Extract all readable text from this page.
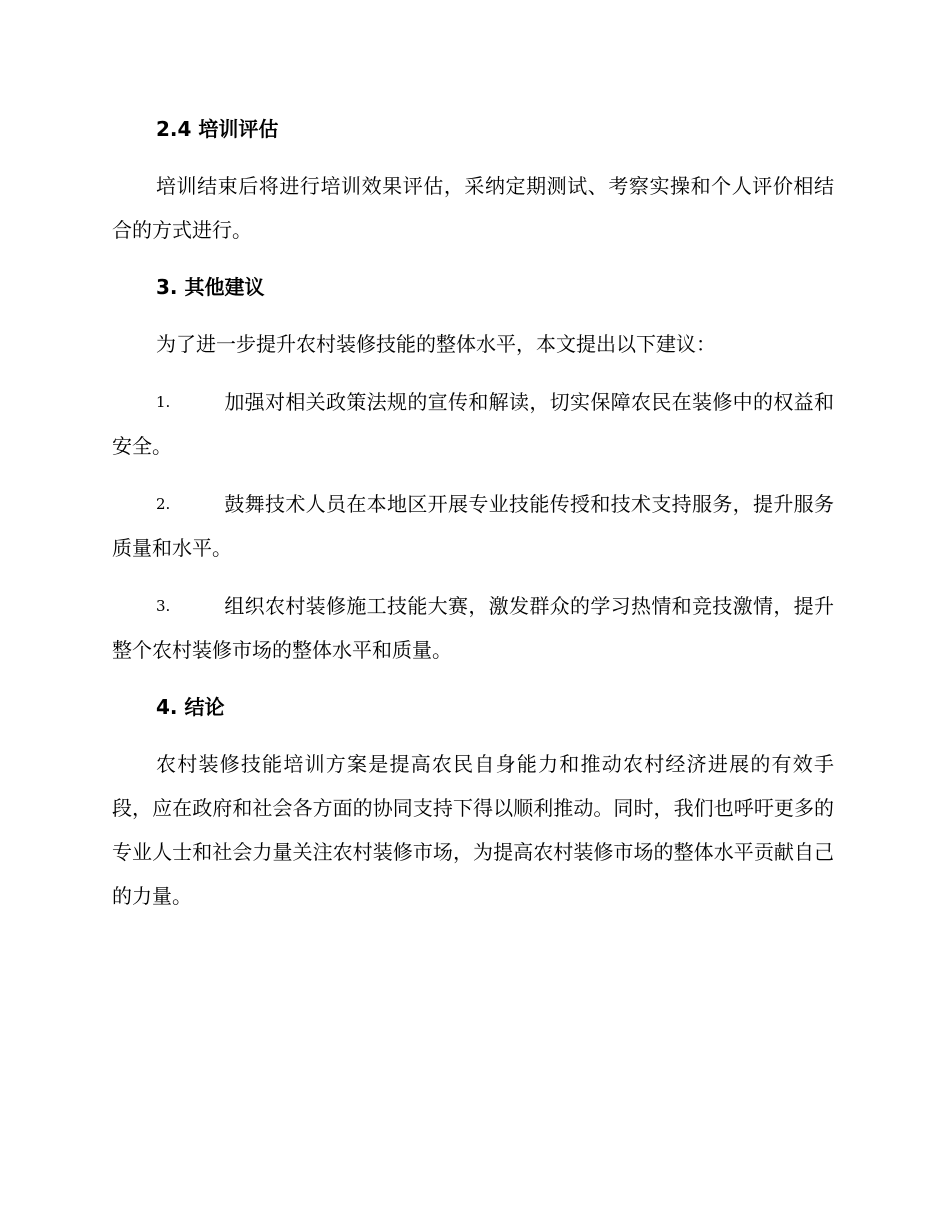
2.4 培训评估

培训结束后将进行培训效果评估，采纳定期测试、考察实操和个人评价相结合的方式进行。

3. 其他建议

为了进一步提升农村装修技能的整体水平，本文提出以下建议：

1.	加强对相关政策法规的宣传和解读，切实保障农民在装修中的权益和安全。
2.	鼓舞技术人员在本地区开展专业技能传授和技术支持服务，提升服务质量和水平。
3.	组织农村装修施工技能大赛，激发群众的学习热情和竞技激情，提升整个农村装修市场的整体水平和质量。
4. 结论

农村装修技能培训方案是提高农民自身能力和推动农村经济进展的有效手段，应在政府和社会各方面的协同支持下得以顺利推动。同时，我们也呼吁更多的专业人士和社会力量关注农村装修市场，为提高农村装修市场的整体水平贡献自己的力量。
